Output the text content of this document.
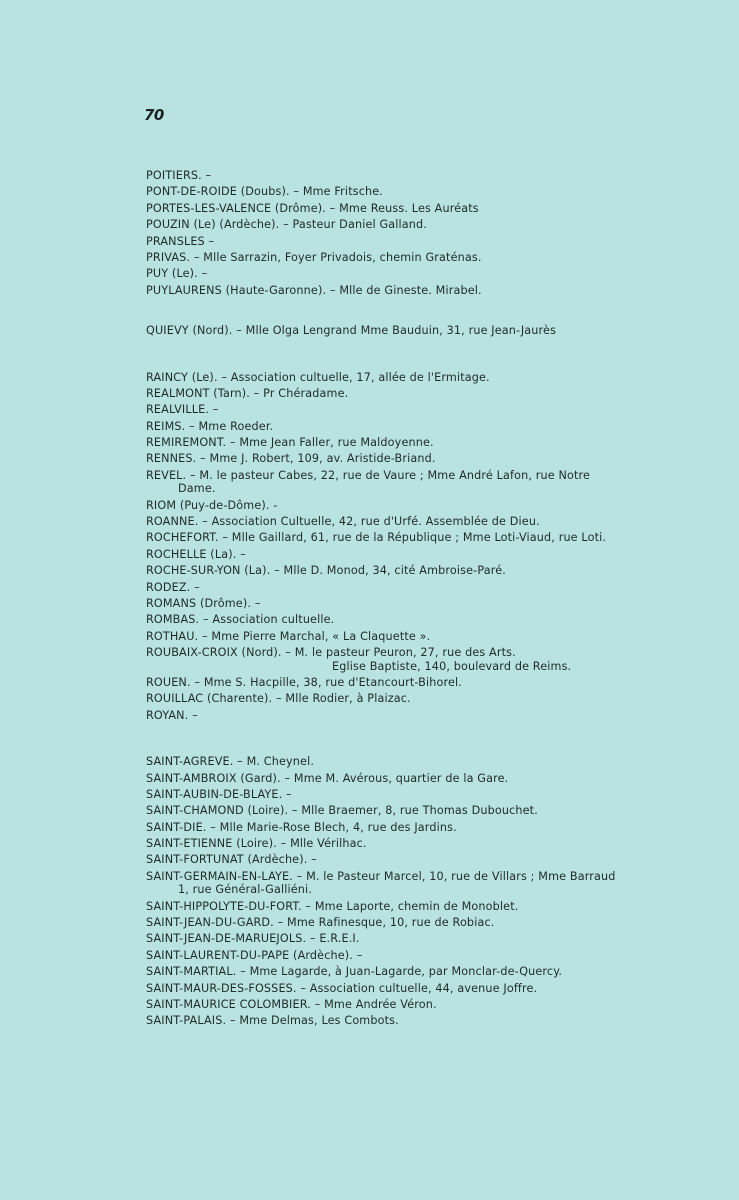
70
POITIERS. –
PONT-DE-ROIDE (Doubs). – Mme Fritsche.
PORTES-LES-VALENCE (Drôme). – Mme Reuss. Les Auréats
POUZIN (Le) (Ardèche). – Pasteur Daniel Galland.
PRANSLES –
PRIVAS. – Mlle Sarrazin, Foyer Privadois, chemin Graténas.
PUY (Le). –
PUYLAURENS (Haute-Garonne). – Mlle de Gineste. Mirabel.
QUIEVY (Nord). – Mlle Olga Lengrand Mme Bauduin, 31, rue Jean-Jaurès
RAINCY (Le). – Association cultuelle, 17, allée de l'Ermitage.
REALMONT (Tarn). – Pr Chéradame.
REALVILLE. –
REIMS. – Mme Roeder.
REMIREMONT. – Mme Jean Faller, rue Maldoyenne.
RENNES. – Mme J. Robert, 109, av. Aristide-Briand.
REVEL. – M. le pasteur Cabes, 22, rue de Vaure ; Mme André Lafon, rue Notre
Dame.
RIOM (Puy-de-Dôme). -
ROANNE. – Association Cultuelle, 42, rue d'Urfé. Assemblée de Dieu.
ROCHEFORT. – Mlle Gaillard, 61, rue de la République ; Mme Loti-Viaud, rue Loti.
ROCHELLE (La). –
ROCHE-SUR-YON (La). – Mlle D. Monod, 34, cité Ambroise-Paré.
RODEZ. –
ROMANS (Drôme). –
ROMBAS. – Association cultuelle.
ROTHAU. – Mme Pierre Marchal, « La Claquette ».
ROUBAIX-CROIX (Nord). – M. le pasteur Peuron, 27, rue des Arts.
Eglise Baptiste, 140, boulevard de Reims.
ROUEN. – Mme S. Hacpille, 38, rue d'Etancourt-Bihorel.
ROUILLAC (Charente). – Mlle Rodier, à Plaizac.
ROYAN. –
SAINT-AGREVE. – M. Cheynel.
SAINT-AMBROIX (Gard). – Mme M. Avérous, quartier de la Gare.
SAINT-AUBIN-DE-BLAYE. –
SAINT-CHAMOND (Loire). – Mlle Braemer, 8, rue Thomas Dubouchet.
SAINT-DIE. – Mlle Marie-Rose Blech, 4, rue des Jardins.
SAINT-ETIENNE (Loire). – Mlle Vérilhac.
SAINT-FORTUNAT (Ardèche). –
SAINT-GERMAIN-EN-LAYE. – M. le Pasteur Marcel, 10, rue de Villars ; Mme Barraud
1, rue Général-Galliéni.
SAINT-HIPPOLYTE-DU-FORT. – Mme Laporte, chemin de Monoblet.
SAINT-JEAN-DU-GARD. – Mme Rafinesque, 10, rue de Robiac.
SAINT-JEAN-DE-MARUEJOLS. – E.R.E.I.
SAINT-LAURENT-DU-PAPE (Ardèche). –
SAINT-MARTIAL. – Mme Lagarde, à Juan-Lagarde, par Monclar-de-Quercy.
SAINT-MAUR-DES-FOSSES. – Association cultuelle, 44, avenue Joffre.
SAINT-MAURICE COLOMBIER. – Mme Andrée Véron.
SAINT-PALAIS. – Mme Delmas, Les Combots.
